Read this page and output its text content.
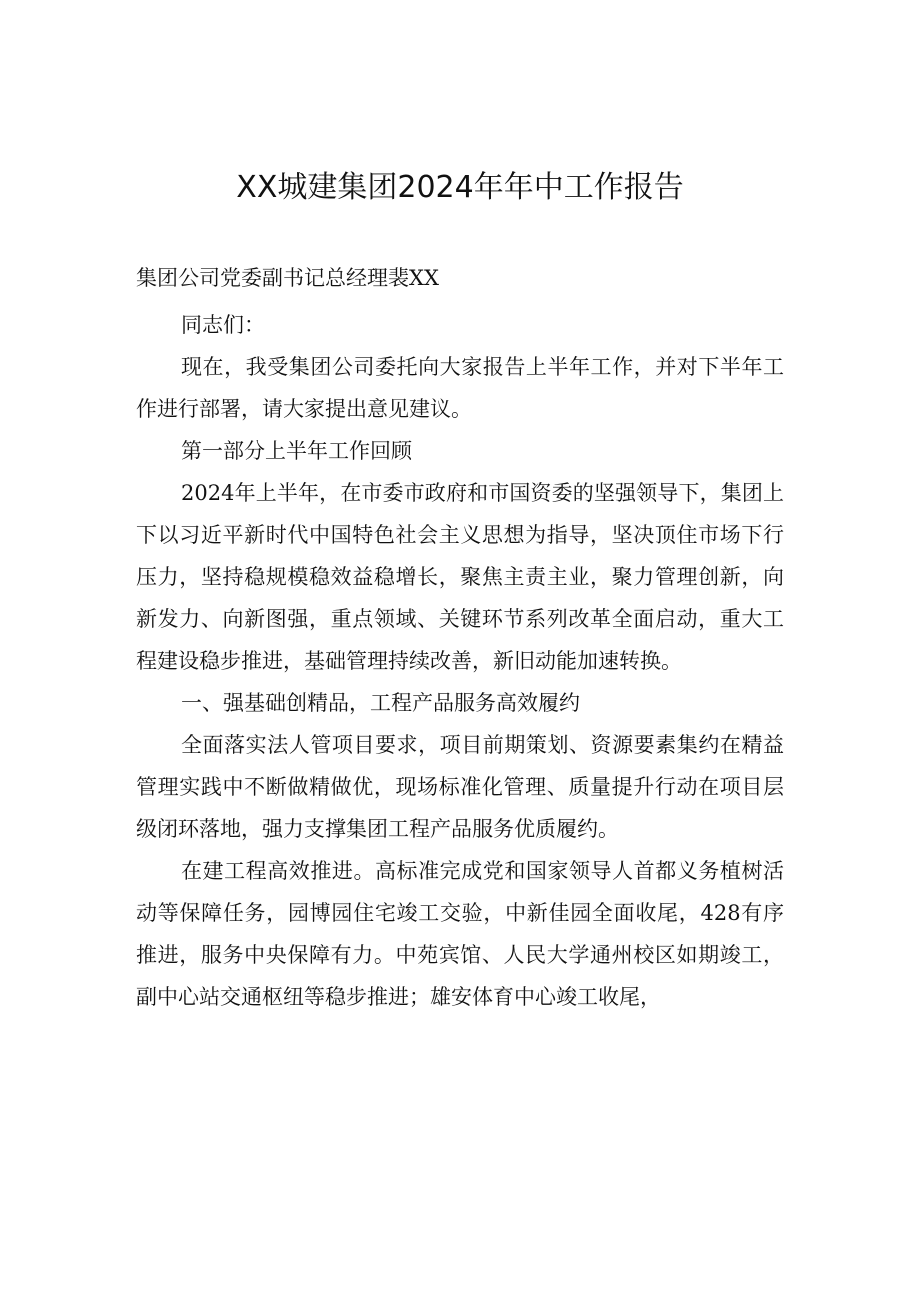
XX城建集团2024年年中工作报告
集团公司党委副书记总经理裴XX

同志们：

现在，我受集团公司委托向大家报告上半年工作，并对下半年工作进行部署，请大家提出意见建议。

第一部分上半年工作回顾

2024年上半年，在市委市政府和市国资委的坚强领导下，集团上下以习近平新时代中国特色社会主义思想为指导，坚决顶住市场下行压力，坚持稳规模稳效益稳增长，聚焦主责主业，聚力管理创新，向新发力、向新图强，重点领域、关键环节系列改革全面启动，重大工程建设稳步推进，基础管理持续改善，新旧动能加速转换。

一、强基础创精品，工程产品服务高效履约

全面落实法人管项目要求，项目前期策划、资源要素集约在精益管理实践中不断做精做优，现场标准化管理、质量提升行动在项目层级闭环落地，强力支撑集团工程产品服务优质履约。

在建工程高效推进。高标准完成党和国家领导人首都义务植树活动等保障任务，园博园住宅竣工交验，中新佳园全面收尾，428有序推进，服务中央保障有力。中苑宾馆、人民大学通州校区如期竣工，副中心站交通枢纽等稳步推进；雄安体育中心竣工收尾，
